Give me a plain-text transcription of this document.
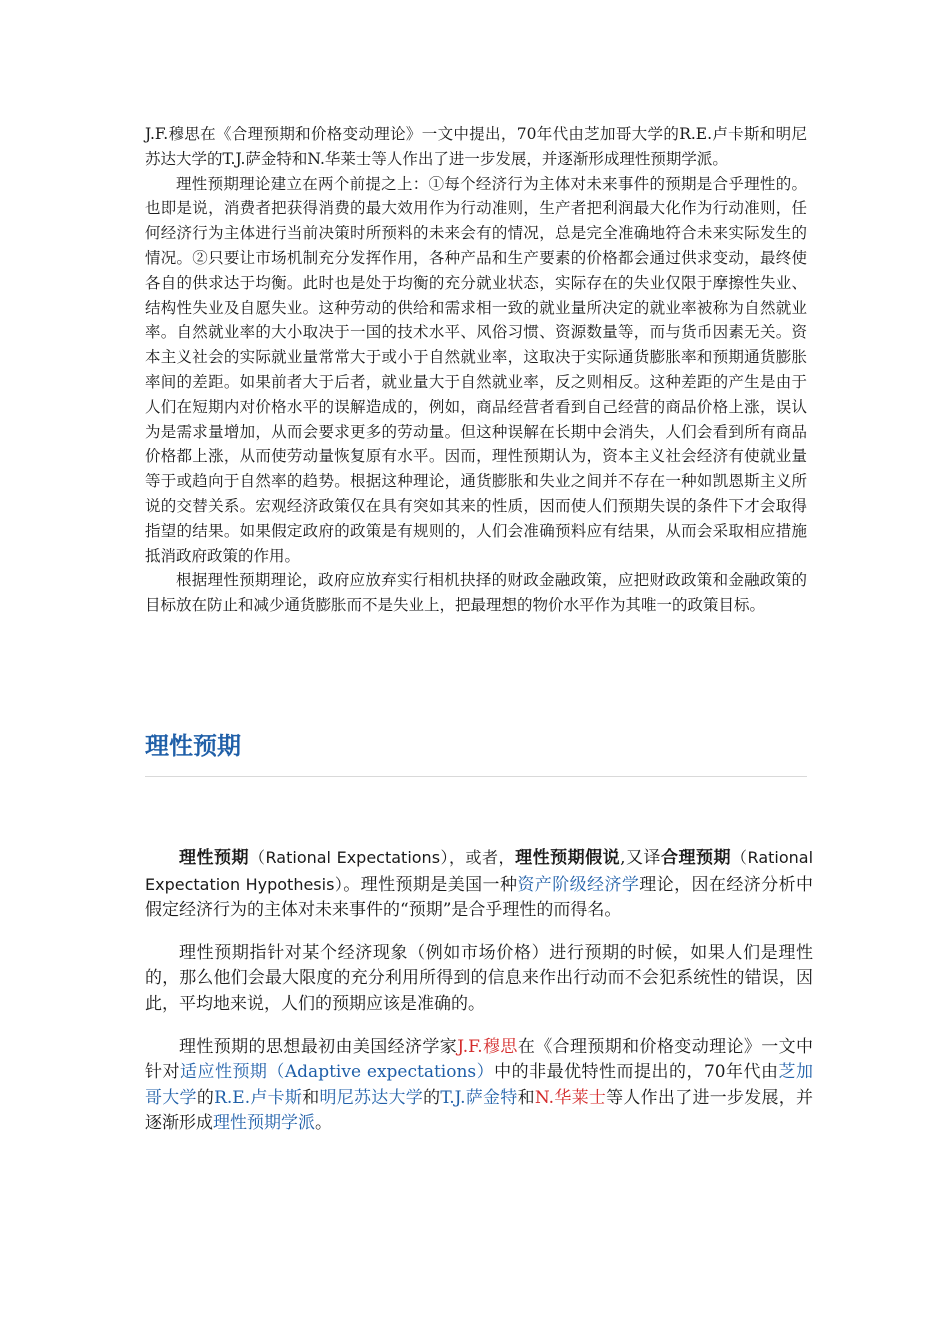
J.F.穆思在《合理预期和价格变动理论》一文中提出，70年代由芝加哥大学的R.E.卢卡斯和明尼苏达大学的T.J.萨金特和N.华莱士等人作出了进一步发展，并逐渐形成理性预期学派。

理性预期理论建立在两个前提之上：①每个经济行为主体对未来事件的预期是合乎理性的。也即是说，消费者把获得消费的最大效用作为行动准则，生产者把利润最大化作为行动准则，任何经济行为主体进行当前决策时所预料的未来会有的情况，总是完全准确地符合未来实际发生的情况。②只要让市场机制充分发挥作用，各种产品和生产要素的价格都会通过供求变动，最终使各自的供求达于均衡。此时也是处于均衡的充分就业状态，实际存在的失业仅限于摩擦性失业、结构性失业及自愿失业。这种劳动的供给和需求相一致的就业量所决定的就业率被称为自然就业率。自然就业率的大小取决于一国的技术水平、风俗习惯、资源数量等，而与货币因素无关。资本主义社会的实际就业量常常大于或小于自然就业率，这取决于实际通货膨胀率和预期通货膨胀率间的差距。如果前者大于后者，就业量大于自然就业率，反之则相反。这种差距的产生是由于人们在短期内对价格水平的误解造成的，例如，商品经营者看到自己经营的商品价格上涨，误认为是需求量增加，从而会要求更多的劳动量。但这种误解在长期中会消失，人们会看到所有商品价格都上涨，从而使劳动量恢复原有水平。因而，理性预期认为，资本主义社会经济有使就业量等于或趋向于自然率的趋势。根据这种理论，通货膨胀和失业之间并不存在一种如凯恩斯主义所说的交替关系。宏观经济政策仅在具有突如其来的性质，因而使人们预期失误的条件下才会取得指望的结果。如果假定政府的政策是有规则的，人们会准确预料应有结果，从而会采取相应措施抵消政府政策的作用。

根据理性预期理论，政府应放弃实行相机抉择的财政金融政策，应把财政政策和金融政策的目标放在防止和减少通货膨胀而不是失业上，把最理想的物价水平作为其唯一的政策目标。

理性预期

理性预期（Rational Expectations），或者，理性预期假说,又译合理预期（Rational Expectation Hypothesis）。理性预期是美国一种资产阶级经济学理论，因在经济分析中假定经济行为的主体对未来事件的“预期”是合乎理性的而得名。

理性预期指针对某个经济现象（例如市场价格）进行预期的时候，如果人们是理性的，那么他们会最大限度的充分利用所得到的信息来作出行动而不会犯系统性的错误，因此，平均地来说，人们的预期应该是准确的。

理性预期的思想最初由美国经济学家J.F.穆思在《合理预期和价格变动理论》一文中针对适应性预期（Adaptive expectations）中的非最优特性而提出的，70年代由芝加哥大学的R.E.卢卡斯和明尼苏达大学的T.J.萨金特和N.华莱士等人作出了进一步发展，并逐渐形成理性预期学派。
